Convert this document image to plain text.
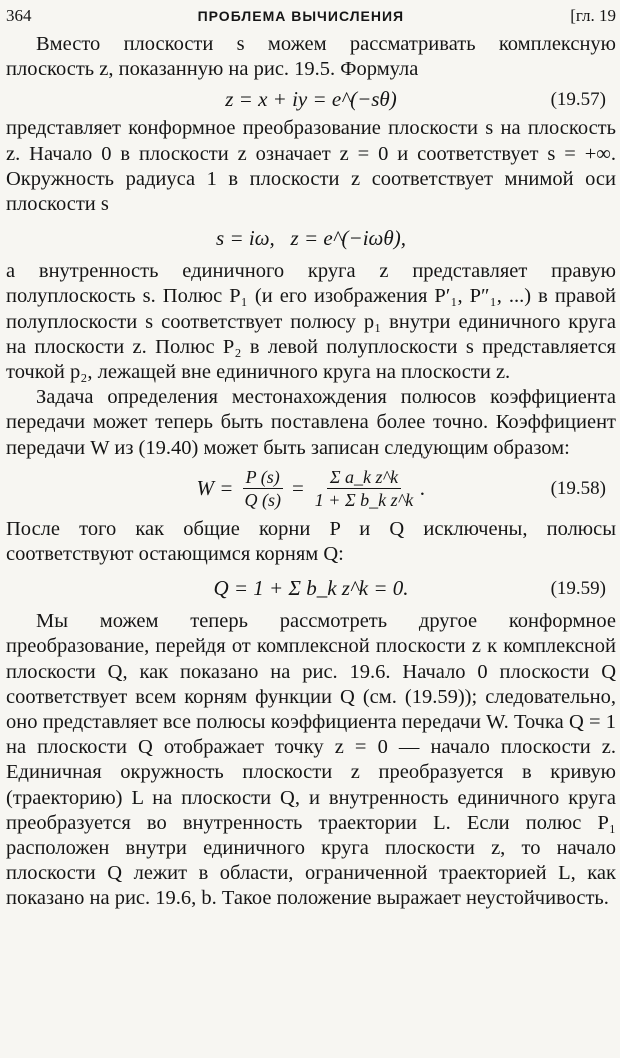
364	ПРОБЛЕМА ВЫЧИСЛЕНИЯ	[гл. 19

Вместо плоскости s можем рассматривать комплексную плоскость z, показанную на рис. 19.5. Формула

z = x + iy = e^(−sθ)	(19.57)

представляет конформное преобразование плоскости s на плоскость z. Начало 0 в плоскости z означает z = 0 и соответствует s = +∞. Окружность радиуса 1 в плоскости z соответствует мнимой оси плоскости s

s = iω,   z = e^(−iωθ),

а внутренность единичного круга z представляет правую полуплоскость s. Полюс P₁ (и его изображения P′₁, P″₁, ...) в правой полуплоскости s соответствует полюсу p₁ внутри единичного круга на плоскости z. Полюс P₂ в левой полуплоскости s представляется точкой p₂, лежащей вне единичного круга на плоскости z.

Задача определения местонахождения полюсов коэффициента передачи может теперь быть поставлена более точно. Коэффициент передачи W из (19.40) может быть записан следующим образом:

$W = \frac{P (s)}{Q (s)} = \frac{\text{Σ a\_k z\textasciicircum{}k}}{\text{1 + Σ b\_k z\textasciicircum{}k}}$ .	(19.58)

После того как общие корни P и Q исключены, полюсы соответствуют остающимся корням Q:

Q = 1 + Σ b_k z^k = 0.	(19.59)

Мы можем теперь рассмотреть другое конформное преобразование, перейдя от комплексной плоскости z к комплексной плоскости Q, как показано на рис. 19.6. Начало 0 плоскости Q соответствует всем корням функции Q (см. (19.59)); следовательно, оно представляет все полюсы коэффициента передачи W. Точка Q = 1 на плоскости Q отображает точку z = 0 — начало плоскости z. Единичная окружность плоскости z преобразуется в кривую (траекторию) L на плоскости Q, и внутренность единичного круга преобразуется во внутренность траектории L. Если полюс P₁ расположен внутри единичного круга плоскости z, то начало плоскости Q лежит в области, ограниченной траекторией L, как показано на рис. 19.6, b. Такое положение выражает неустойчивость.
